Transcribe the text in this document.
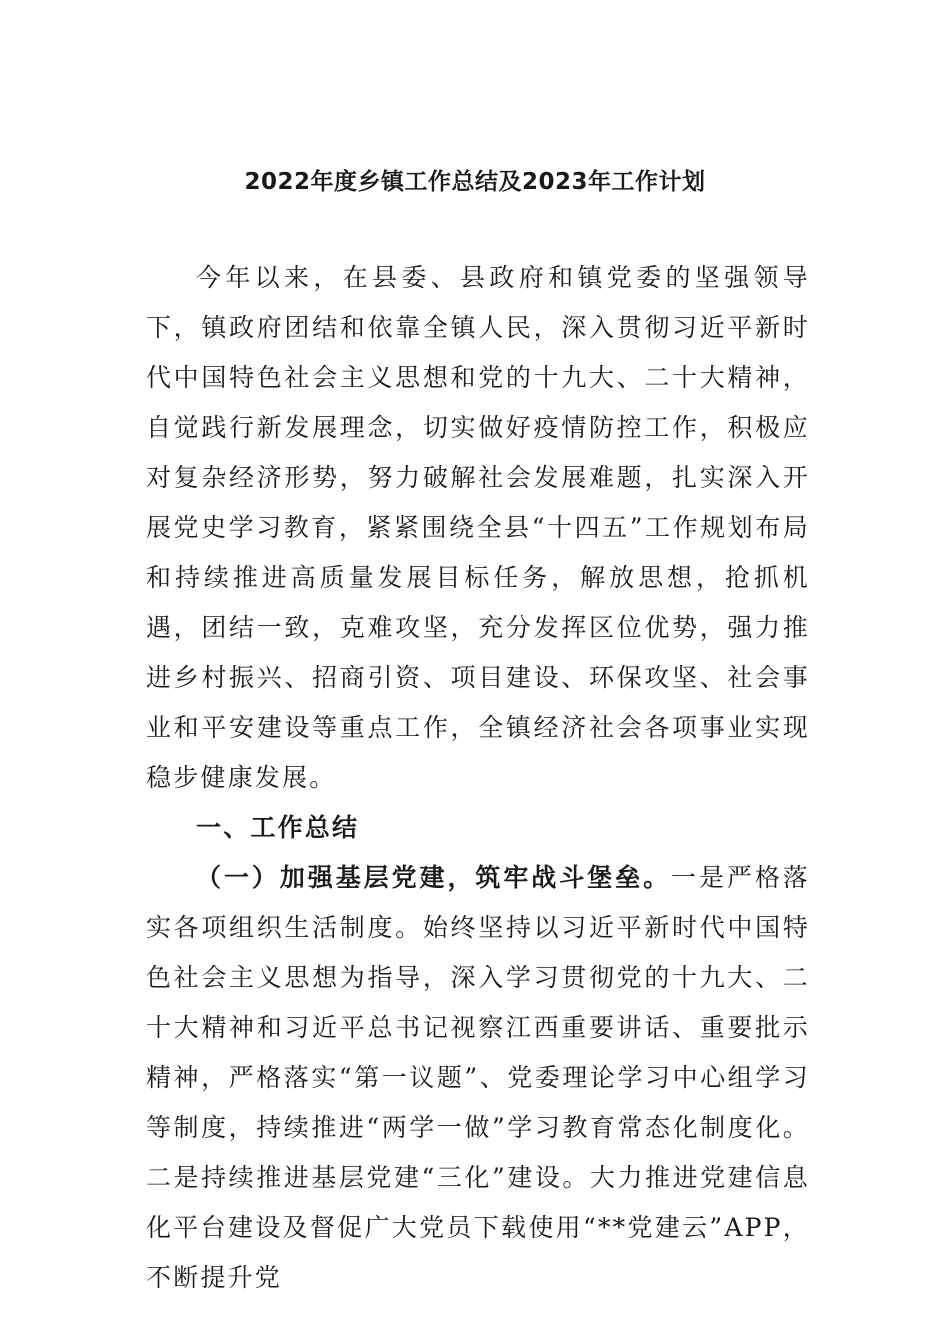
2022年度乡镇工作总结及2023年工作计划

今年以来，在县委、县政府和镇党委的坚强领导下，镇政府团结和依靠全镇人民，深入贯彻习近平新时代中国特色社会主义思想和党的十九大、二十大精神，自觉践行新发展理念，切实做好疫情防控工作，积极应对复杂经济形势，努力破解社会发展难题，扎实深入开展党史学习教育，紧紧围绕全县“十四五”工作规划布局和持续推进高质量发展目标任务，解放思想，抢抓机遇，团结一致，克难攻坚，充分发挥区位优势，强力推进乡村振兴、招商引资、项目建设、环保攻坚、社会事业和平安建设等重点工作，全镇经济社会各项事业实现稳步健康发展。

一、工作总结

（一）加强基层党建，筑牢战斗堡垒。一是严格落实各项组织生活制度。始终坚持以习近平新时代中国特色社会主义思想为指导，深入学习贯彻党的十九大、二十大精神和习近平总书记视察江西重要讲话、重要批示精神，严格落实“第一议题”、党委理论学习中心组学习等制度，持续推进“两学一做”学习教育常态化制度化。二是持续推进基层党建“三化”建设。大力推进党建信息化平台建设及督促广大党员下载使用“**党建云”APP，不断提升党
